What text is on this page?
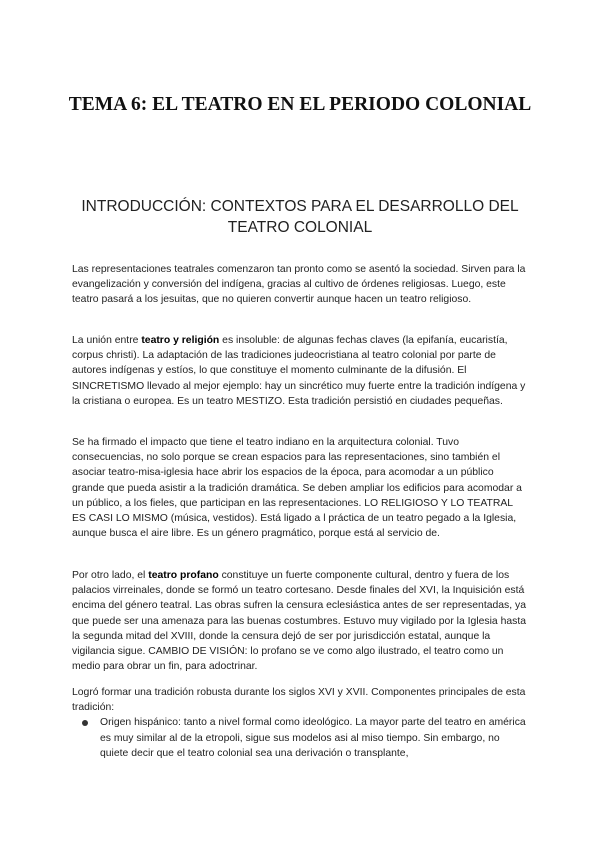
TEMA 6: EL TEATRO EN EL PERIODO COLONIAL
INTRODUCCIÓN: CONTEXTOS PARA EL DESARROLLO DEL TEATRO COLONIAL

Las representaciones teatrales comenzaron tan pronto como se asentó la sociedad. Sirven para la evangelización y conversión del indígena, gracias al cultivo de órdenes religiosas. Luego, este teatro pasará a los jesuitas, que no quieren convertir aunque hacen un teatro religioso.

La unión entre teatro y religión es insoluble: de algunas fechas claves (la epifanía, eucaristía, corpus christi). La adaptación de las tradiciones judeocristiana al teatro colonial por parte de autores indígenas y estíos, lo que constituye el momento culminante de la difusión. El SINCRETISMO llevado al mejor ejemplo: hay un sincrético muy fuerte entre la tradición indígena y la cristiana o europea. Es un teatro MESTIZO. Esta tradición persistió en ciudades pequeñas.

Se ha firmado el impacto que tiene el teatro indiano en la arquitectura colonial. Tuvo consecuencias, no solo porque se crean espacios para las representaciones, sino también el asociar teatro-misa-iglesia hace abrir los espacios de la época, para acomodar a un público grande que pueda asistir a la tradición dramática. Se deben ampliar los edificios para acomodar a un público, a los fieles, que participan en las representaciones. LO RELIGIOSO Y LO TEATRAL ES CASI LO MISMO (música, vestidos). Está ligado a l práctica de un teatro pegado a la Iglesia, aunque busca el aire libre. Es un género pragmático, porque está al servicio de.

Por otro lado, el teatro profano constituye un fuerte componente cultural, dentro y fuera de los palacios virreinales, donde se formó un teatro cortesano. Desde finales del XVI, la Inquisición está encima del género teatral. Las obras sufren la censura eclesiástica antes de ser representadas, ya que puede ser una amenaza para las buenas costumbres. Estuvo muy vigilado por la Iglesia hasta la segunda mitad del XVIII, donde la censura dejó de ser por jurisdicción estatal, aunque la vigilancia sigue. CAMBIO DE VISIÓN: lo profano se ve como algo ilustrado, el teatro como un medio para obrar un fin, para adoctrinar.

Logró formar una tradición robusta durante los siglos XVI y XVII. Componentes principales de esta tradición:

Origen hispánico: tanto a nivel formal como ideológico. La mayor parte del teatro en américa es muy similar al de la etropoli, sigue sus modelos asi al miso tiempo. Sin embargo, no quiete decir que el teatro colonial sea una derivación o transplante,
